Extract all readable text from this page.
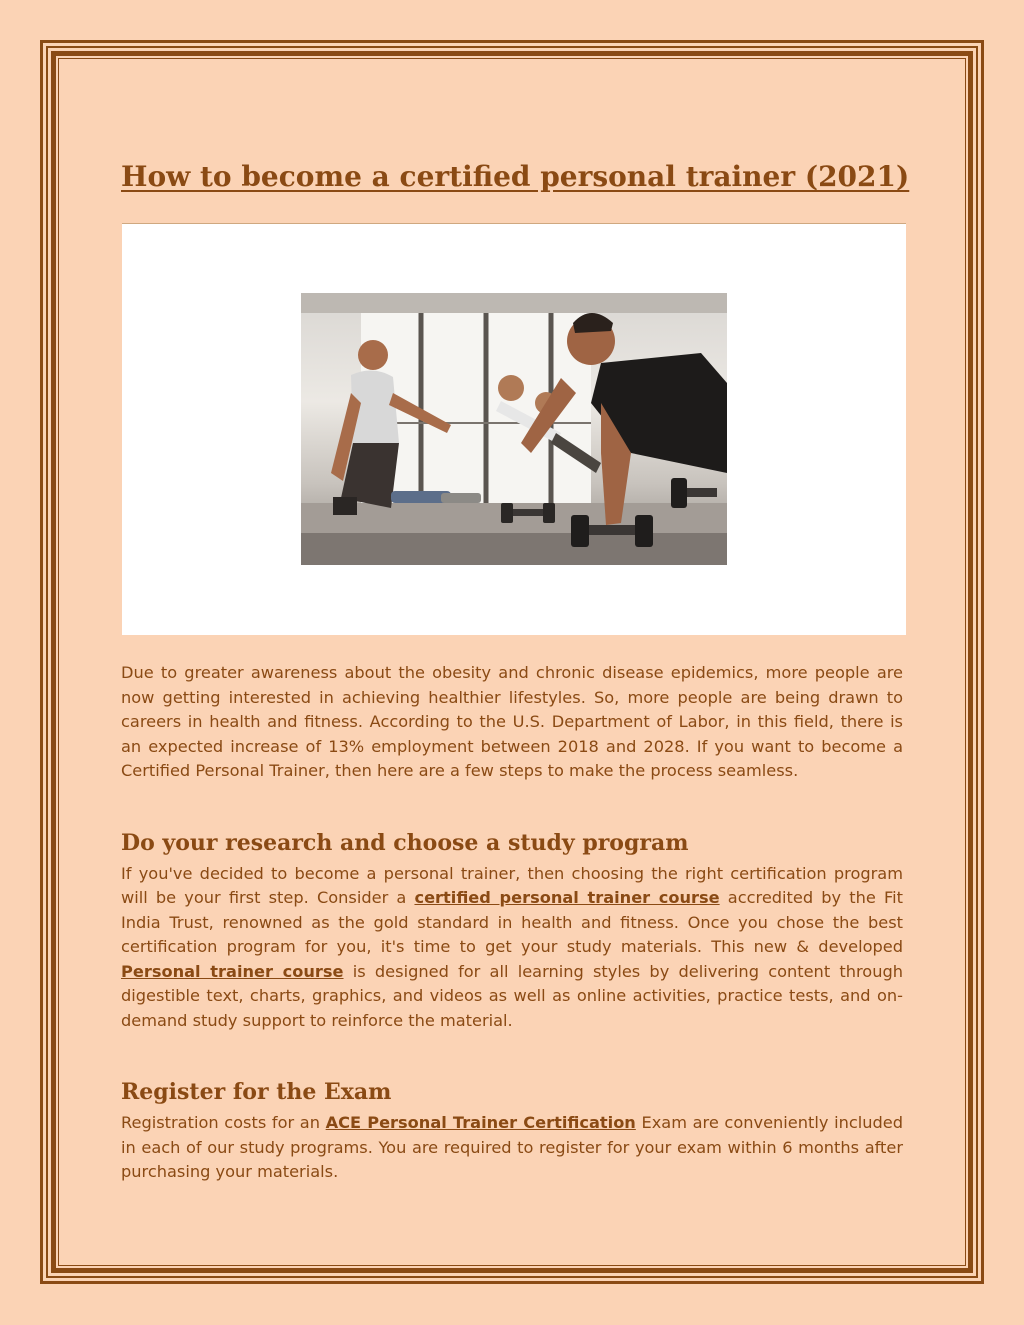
How to become a certified personal trainer (2021)

Due to greater awareness about the obesity and chronic disease epidemics, more people are now getting interested in achieving healthier lifestyles. So, more people are being drawn to careers in health and fitness. According to the U.S. Department of Labor, in this field, there is an expected increase of 13% employment between 2018 and 2028. If you want to become a Certified Personal Trainer, then here are a few steps to make the process seamless.

Do your research and choose a study program

If you've decided to become a personal trainer, then choosing the right certification program will be your first step. Consider a certified personal trainer course accredited by the Fit India Trust, renowned as the gold standard in health and fitness. Once you chose the best certification program for you, it's time to get your study materials. This new & developed Personal trainer course is designed for all learning styles by delivering content through digestible text, charts, graphics, and videos as well as online activities, practice tests, and on-demand study support to reinforce the material.

Register for the Exam

Registration costs for an ACE Personal Trainer Certification Exam are conveniently included in each of our study programs. You are required to register for your exam within 6 months after purchasing your materials.
